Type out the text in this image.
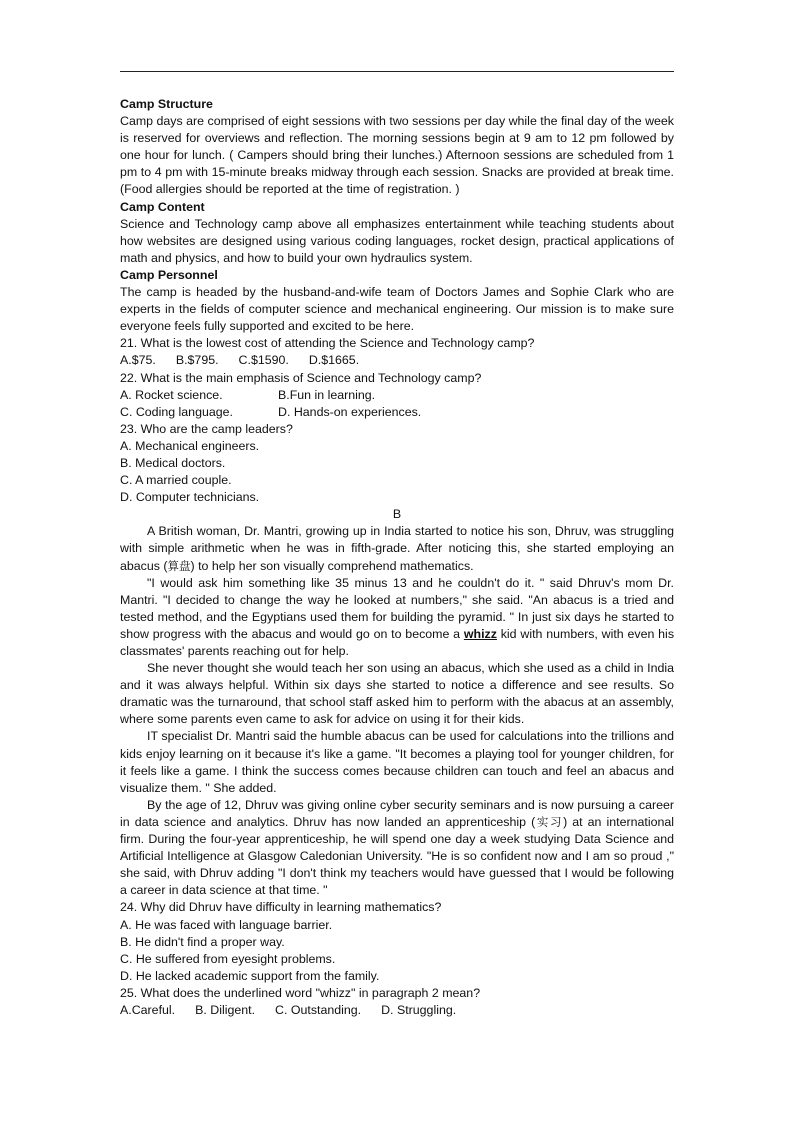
Camp Structure

Camp days are comprised of eight sessions with two sessions per day while the final day of the week is reserved for overviews and reflection. The morning sessions begin at 9 am to 12 pm followed by one hour for lunch. ( Campers should bring their lunches.) Afternoon sessions are scheduled from 1 pm to 4 pm with 15-minute breaks midway through each session. Snacks are provided at break time. (Food allergies should be reported at the time of registration. )

Camp Content

Science and Technology camp above all emphasizes entertainment while teaching students about how websites are designed using various coding languages, rocket design, practical applications of math and physics, and how to build your own hydraulics system.

Camp Personnel

The camp is headed by the husband-and-wife team of Doctors James and Sophie Clark who are experts in the fields of computer science and mechanical engineering. Our mission is to make sure everyone feels fully supported and excited to be here.

21. What is the lowest cost of attending the Science and Technology camp?
A.$75. B.$795. C.$1590. D.$1665.
22. What is the main emphasis of Science and Technology camp?
A. Rocket science.	B.Fun in learning.
C. Coding language.	D. Hands-on experiences.
23. Who are the camp leaders?
A. Mechanical engineers.
B. Medical doctors.
C. A married couple.
D. Computer technicians.
B

A British woman, Dr. Mantri, growing up in India started to notice his son, Dhruv, was struggling with simple arithmetic when he was in fifth-grade. After noticing this, she started employing an abacus (算盘) to help her son visually comprehend mathematics.

"I would ask him something like 35 minus 13 and he couldn't do it. " said Dhruv's mom Dr. Mantri. "I decided to change the way he looked at numbers," she said. "An abacus is a tried and tested method, and the Egyptians used them for building the pyramid. " In just six days he started to show progress with the abacus and would go on to become a whizz kid with numbers, with even his classmates' parents reaching out for help.

She never thought she would teach her son using an abacus, which she used as a child in India and it was always helpful. Within six days she started to notice a difference and see results. So dramatic was the turnaround, that school staff asked him to perform with the abacus at an assembly, where some parents even came to ask for advice on using it for their kids.

IT specialist Dr. Mantri said the humble abacus can be used for calculations into the trillions and kids enjoy learning on it because it's like a game. "It becomes a playing tool for younger children, for it feels like a game. I think the success comes because children can touch and feel an abacus and visualize them. " She added.

By the age of 12, Dhruv was giving online cyber security seminars and is now pursuing a career in data science and analytics. Dhruv has now landed an apprenticeship (实习) at an international firm. During the four-year apprenticeship, he will spend one day a week studying Data Science and Artificial Intelligence at Glasgow Caledonian University. "He is so confident now and I am so proud ," she said, with Dhruv adding "I don't think my teachers would have guessed that I would be following a career in data science at that time. "

24. Why did Dhruv have difficulty in learning mathematics?
A. He was faced with language barrier.
B. He didn't find a proper way.
C. He suffered from eyesight problems.
D. He lacked academic support from the family.
25. What does the underlined word "whizz" in paragraph 2 mean?
A.Careful. B. Diligent. C. Outstanding. D. Struggling.
